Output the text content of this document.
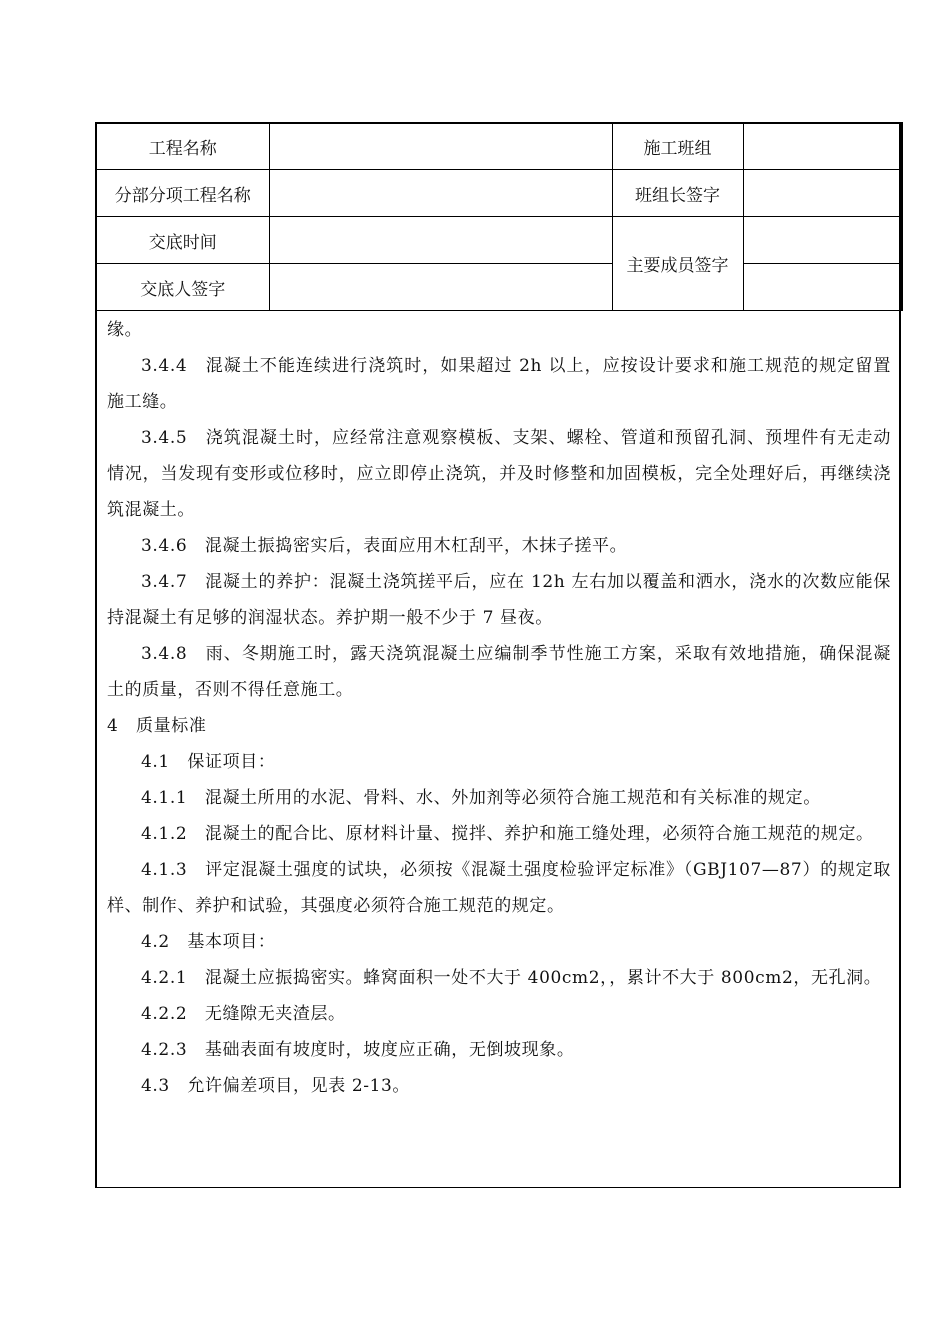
工程名称		施工班组	
分部分项工程名称		班组长签字	
交底时间		主要成员签字	
交底人签字			

缘。

3.4.4　混凝土不能连续进行浇筑时，如果超过 2h 以上，应按设计要求和施工规范的规定留置施工缝。

3.4.5　浇筑混凝土时，应经常注意观察模板、支架、螺栓、管道和预留孔洞、预埋件有无走动情况，当发现有变形或位移时，应立即停止浇筑，并及时修整和加固模板，完全处理好后，再继续浇筑混凝土。

3.4.6　混凝土振捣密实后，表面应用木杠刮平，木抹子搓平。

3.4.7　混凝土的养护：混凝土浇筑搓平后，应在 12h 左右加以覆盖和洒水，浇水的次数应能保持混凝土有足够的润湿状态。养护期一般不少于 7 昼夜。

3.4.8　雨、冬期施工时，露天浇筑混凝土应编制季节性施工方案，采取有效地措施，确保混凝土的质量，否则不得任意施工。

4　质量标准

4.1　保证项目：

4.1.1　混凝土所用的水泥、骨料、水、外加剂等必须符合施工规范和有关标准的规定。

4.1.2　混凝土的配合比、原材料计量、搅拌、养护和施工缝处理，必须符合施工规范的规定。

4.1.3　评定混凝土强度的试块，必须按《混凝土强度检验评定标准》（GBJ107—87）的规定取样、制作、养护和试验，其强度必须符合施工规范的规定。

4.2　基本项目：

4.2.1　混凝土应振捣密实。蜂窝面积一处不大于 400cm2，，累计不大于 800cm2，无孔洞。

4.2.2　无缝隙无夹渣层。

4.2.3　基础表面有坡度时，坡度应正确，无倒坡现象。

4.3　允许偏差项目，见表 2-13。
